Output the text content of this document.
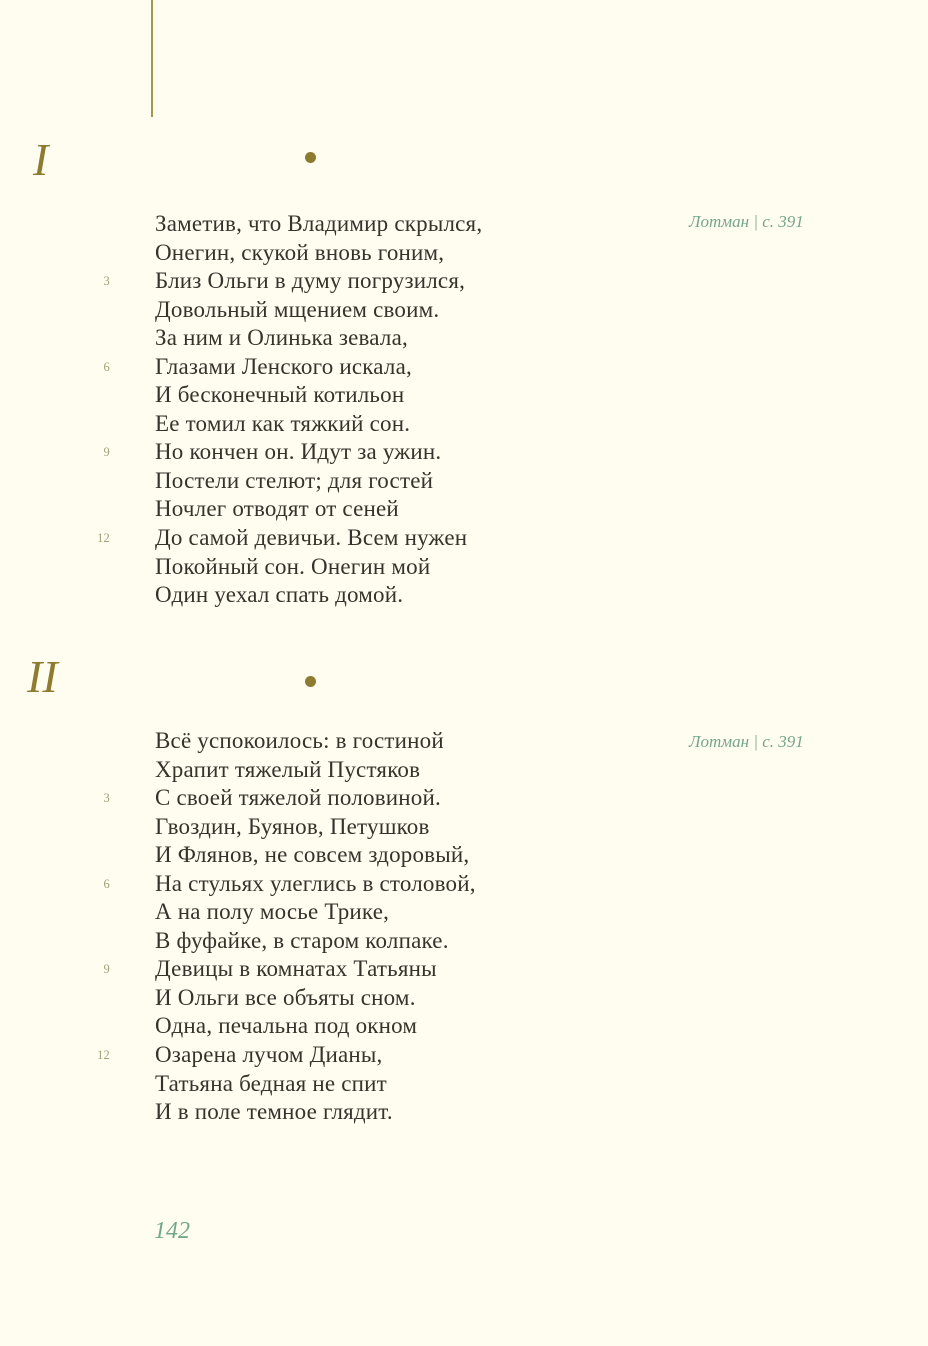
I
Лотман | с. 391
Заметив, что Владимир скрылся,
Онегин, скукой вновь гоним,
3 Близ Ольги в думу погрузился,
Довольный мщением своим.
За ним и Олинька зевала,
6 Глазами Ленского искала,
И бесконечный котильон
Ее томил как тяжкий сон.
9 Но кончен он. Идут за ужин.
Постели стелют; для гостей
Ночлег отводят от сеней
12 До самой девичьи. Всем нужен
Покойный сон. Онегин мой
Один уехал спать домой.
II
Лотман | с. 391
Всё успокоилось: в гостиной
Храпит тяжелый Пустяков
3 С своей тяжелой половиной.
Гвоздин, Буянов, Петушков
И Флянов, не совсем здоровый,
6 На стульях улеглись в столовой,
А на полу мосье Трике,
В фуфайке, в старом колпаке.
9 Девицы в комнатах Татьяны
И Ольги все объяты сном.
Одна, печальна под окном
12 Озарена лучом Дианы,
Татьяна бедная не спит
И в поле темное глядит.
142
